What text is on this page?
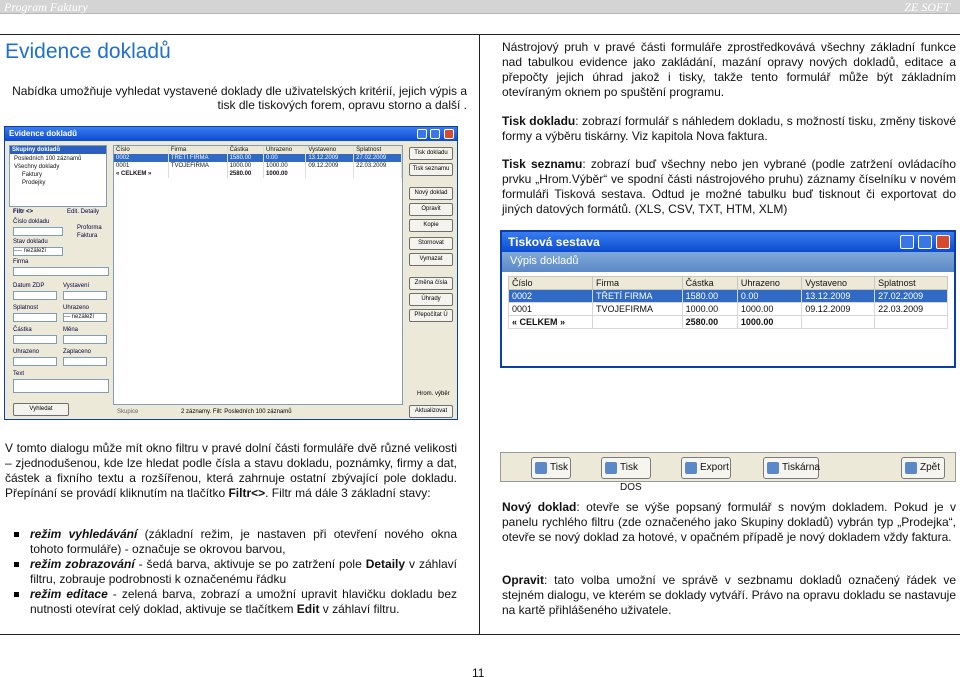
Program Faktury	ZE SOFT
Evidence dokladů
Nabídka umožňuje vyhledat vystavené doklady dle uživatelských kritérií, jejich výpis a tisk dle tiskových forem, opravu storno a další .
Evidence dokladů
Skupiny dokladů
Posledních 100 záznamů
Všechny doklady
Faktury
Prodejky
Filtr <>	Edit. Detaily
Číslo dokladu
Proforma
Faktura
Stav dokladu
---- nezáleží
Firma
Datum ZDP	Vystavení
Splatnost	Uhrazeno
--- nezáleží
Částka	Měna
Uhrazeno	Zaplaceno
Text
Vyhledat
Číslo	Firma	Částka	Uhrazeno	Vystaveno	Splatnost
0002	TŘETÍ FIRMA	1580.00	0.00	13.12.2009	27.02.2009
0001	TVOJEFIRMA	1000.00	1000.00	09.12.2009	22.03.2009
« CELKEM »		2580.00	1000.00		
Tisk dokladu
Tisk seznamu
Nový doklad
Opravit
Kopie
Stornovat
Vymazat
Změna čísla
Úhrady
Přepočítat Ú
Hrom. výběr
Aktualizovat
Skupice	2 záznamy. Filt: Posledních 100 záznamů
V tomto dialogu může mít okno filtru v pravé dolní části formuláře dvě různé velikosti – zjednodušenou, kde lze hledat podle čísla a stavu dokladu, poznámky, firmy a dat, částek a fixního textu a rozšířenou, která zahrnuje ostatní zbývající pole dokladu. Přepínání se provádí kliknutím na tlačítko Filtr<>. Filtr má dále 3 základní stavy:
režim vyhledávání (základní režim, je nastaven při otevření nového okna tohoto formuláře) - označuje se okrovou barvou,
režim zobrazování - šedá barva, aktivuje se po zatržení pole Detaily v záhlaví filtru, zobrauje podrobnosti k označenému řádku
režim editace - zelená barva, zobrazí a umožní upravit hlavičku dokladu bez nutnosti otevírat celý doklad, aktivuje se tlačítkem Edit v záhlaví filtru.
Nástrojový pruh v pravé části formuláře zprostředkovává všechny základní funkce nad tabulkou evidence jako zakládání, mazání opravy nových dokladů, editace a přepočty jejich úhrad jakož i tisky, takže tento formulář může být základním otevíraným oknem po spuštění programu.
Tisk dokladu: zobrazí formulář s náhledem dokladu, s možností tisku, změny tiskové formy a výběru tiskárny. Viz kapitola Nova faktura.
Tisk seznamu: zobrazí buď všechny nebo jen vybrané (podle zatržení ovládacího prvku „Hrom.Výběr“ ve spodní části nástrojového pruhu) záznamy číselníku v novém formuláři Tisková sestava. Odtud je možné tabulku buď tisknout či exportovat do jiných datových formátů. (XLS, CSV, TXT, HTM, XLM)
Tisková sestava
Výpis dokladů
Číslo	Firma	Částka	Uhrazeno	Vystaveno	Splatnost
0002	TŘETÍ FIRMA	1580.00	0.00	13.12.2009	27.02.2009
0001	TVOJEFIRMA	1000.00	1000.00	09.12.2009	22.03.2009
« CELKEM »		2580.00	1000.00		
Tisk	Tisk DOS
Export	Tiskárna	Zpět
Nový doklad: otevře se výše popsaný formulář s novým dokladem. Pokud je v panelu rychlého filtru (zde označeného jako Skupiny dokladů) vybrán typ „Prodejka“, otevře se nový doklad za hotové, v opačném případě je nový dokladem vždy faktura.
Opravit: tato volba umožní ve správě v sezbnamu dokladů označený řádek ve stejném dialogu, ve kterém se doklady vytváří. Právo na opravu dokladu se nastavuje na kartě přihlášeného uživatele.
11
